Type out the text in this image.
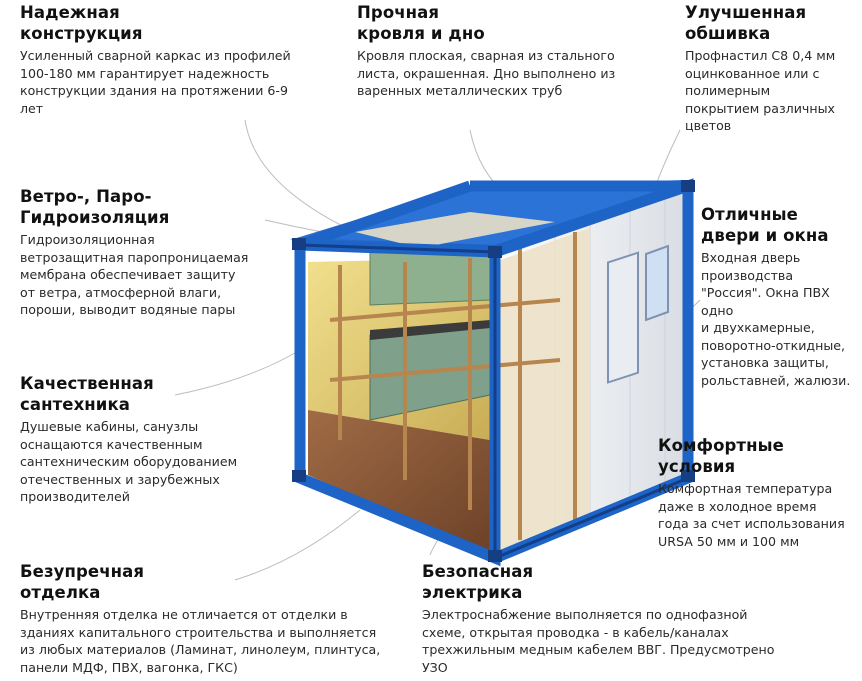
Надежная
конструкция

Усиленный сварной каркас из профилей
100-180 мм гарантирует надежность
конструкции здания на протяжении 6-9
лет

Прочная
кровля и дно

Кровля плоская, сварная из стального
листа, окрашенная. Дно выполнено из
варенных металлических труб

Улучшенная
обшивка

Профнастил С8 0,4 мм
оцинкованное или с
полимерным
покрытием различных
цветов

Ветро-, Паро-
Гидроизоляция

Гидроизоляционная
ветрозащитная паропроницаемая
мембрана обеспечивает защиту
от ветра, атмосферной влаги,
пороши, выводит водяные пары

Отличные
двери и окна

Входная дверь
производства
"Россия". Окна ПВХ
одно
и двухкамерные,
поворотно-откидные,
установка защиты,
рольставней, жалюзи.

Качественная
сантехника

Душевые кабины, санузлы
оснащаются качественным
сантехническим оборудованием
отечественных и зарубежных
производителей

Комфортные
условия

Комфортная температура
даже в холодное время
года за счет использования
URSA 50 мм и 100 мм

Безупречная
отделка

Внутренняя отделка не отличается от отделки в
зданиях капитального строительства и выполняется
из любых материалов (Ламинат, линолеум, плинтуса,
панели МДФ, ПВХ, вагонка, ГКС)

Безопасная
электрика

Электроснабжение выполняется по однофазной
схеме, открытая проводка - в кабель/каналах
трехжильным медным кабелем ВВГ. Предусмотрено
УЗО
